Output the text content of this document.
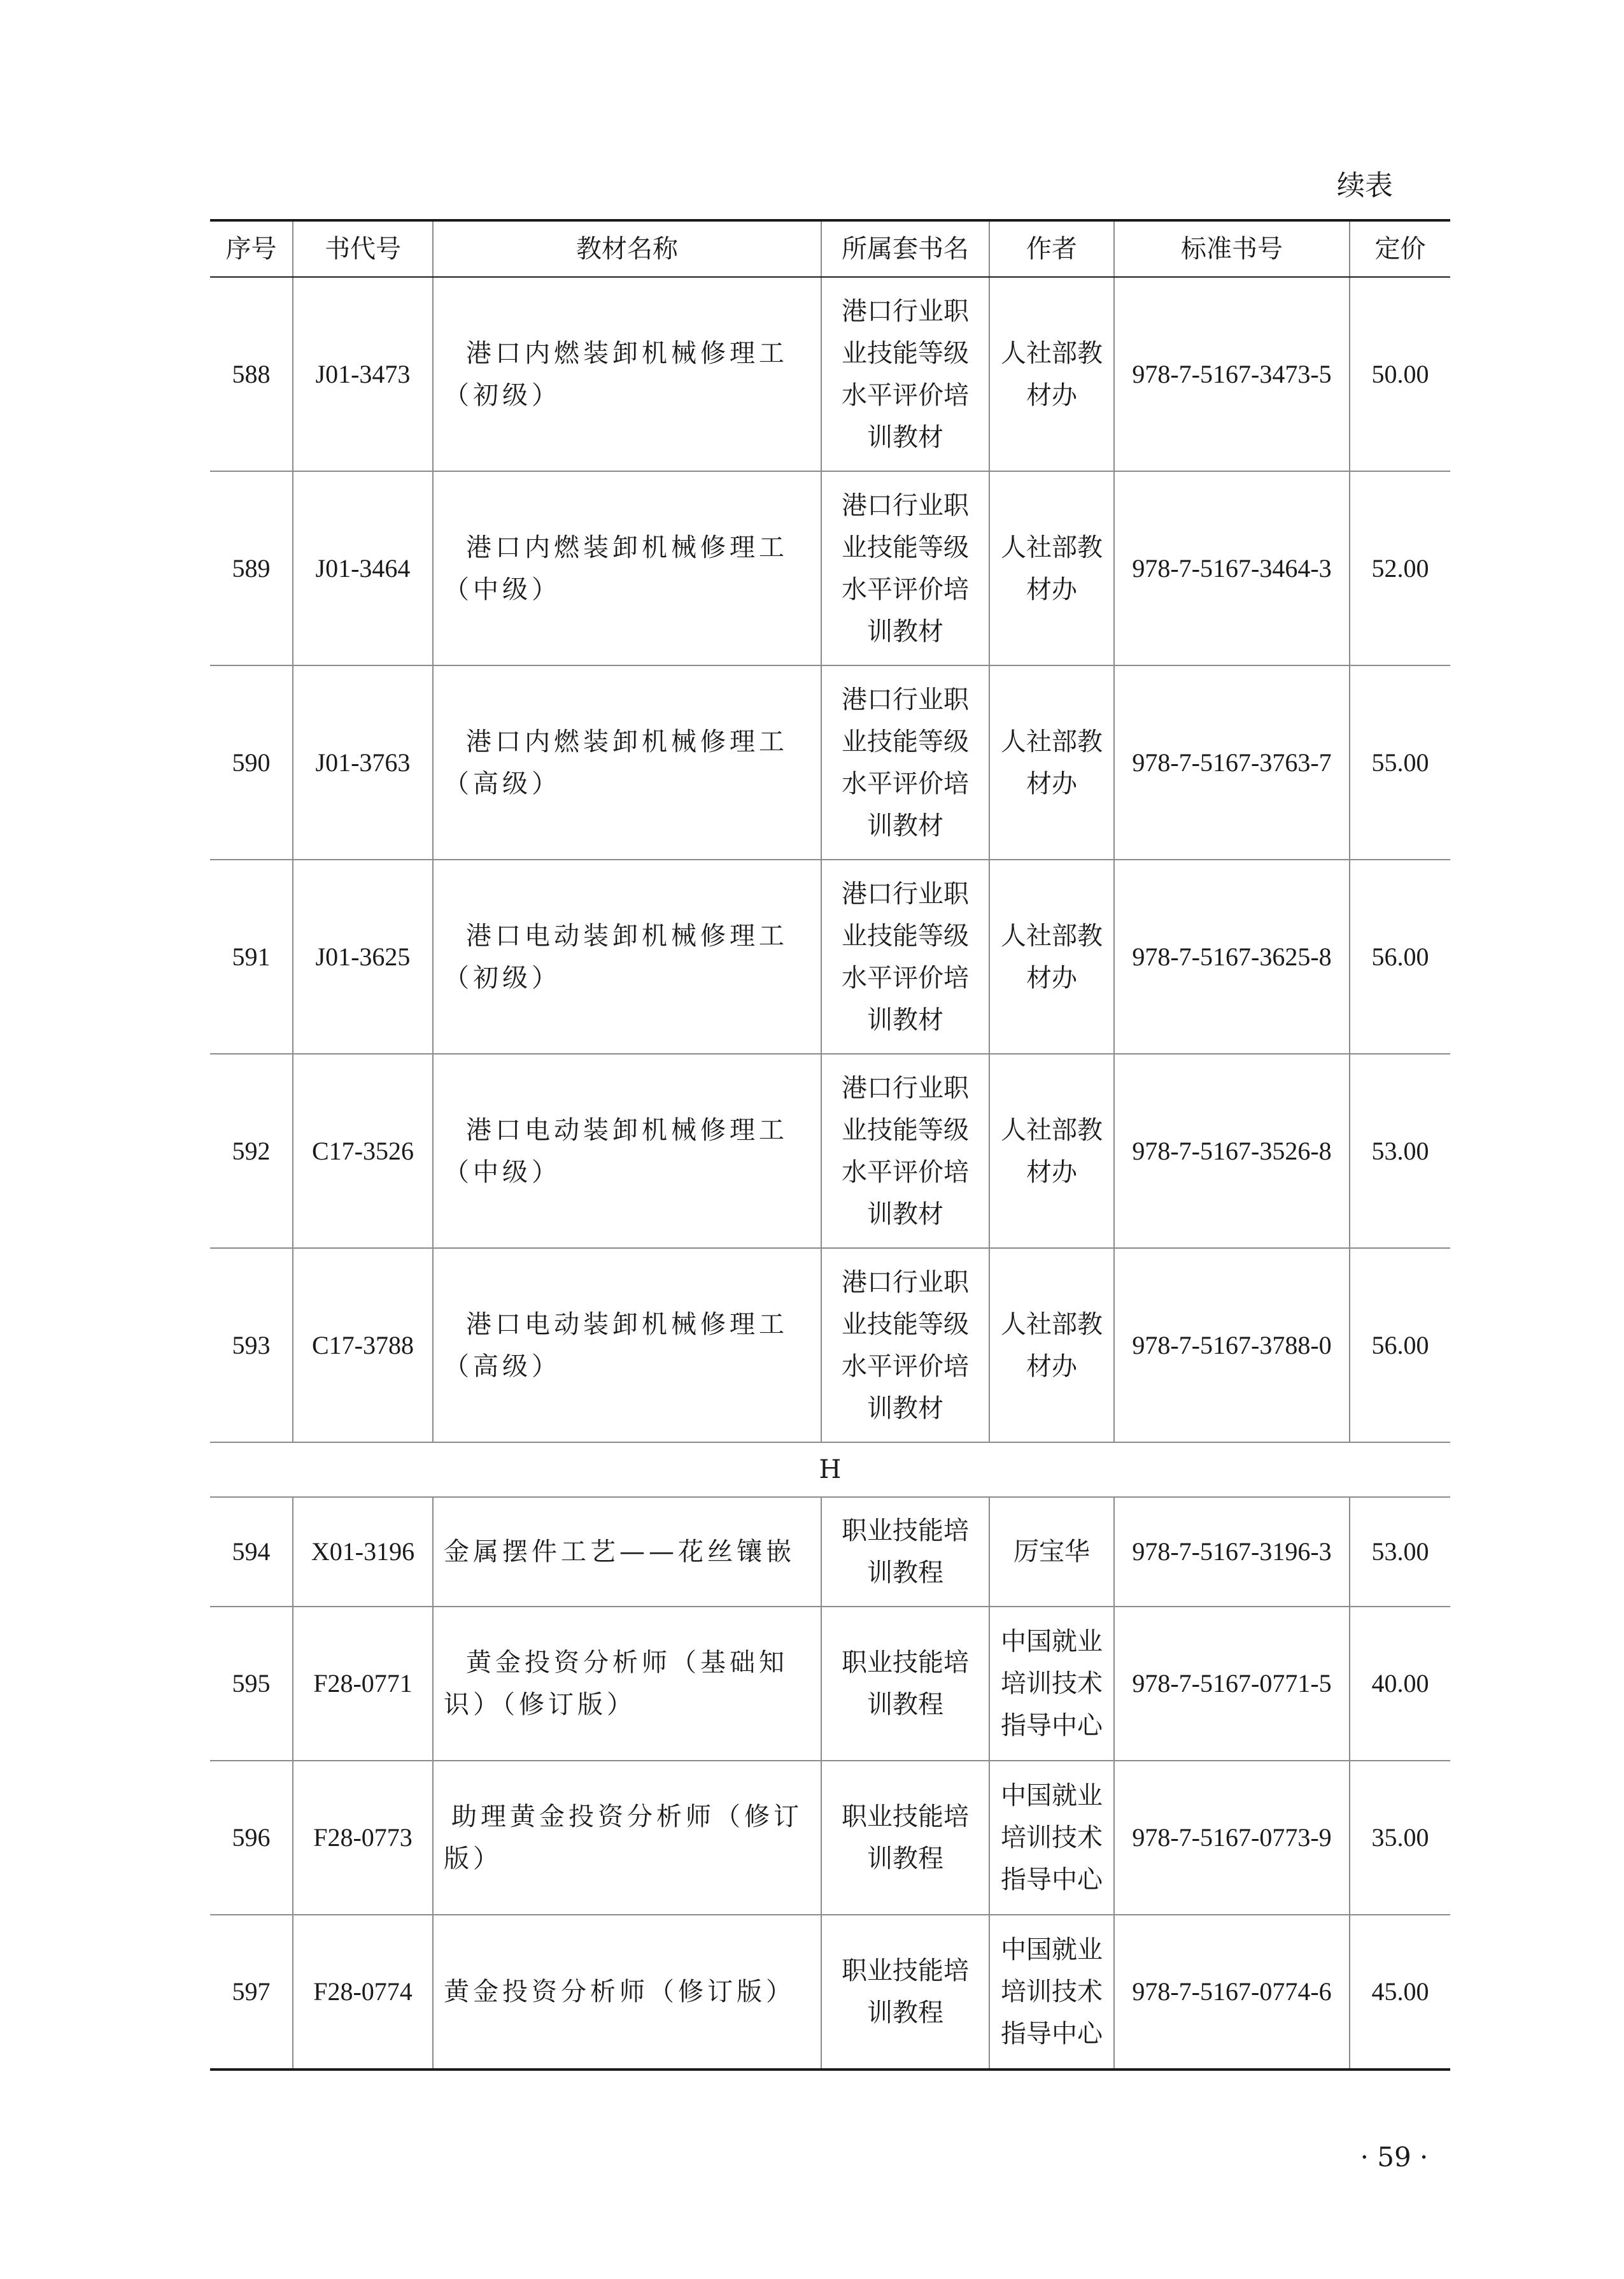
续表
序号	书代号	教材名称	所属套书名	作者	标准书号	定价
588	J01-3473	港口内燃装卸机械修理工（初级）	港口行业职业技能等级水平评价培训教材	人社部教材办	978-7-5167-3473-5	50.00
589	J01-3464	港口内燃装卸机械修理工（中级）	港口行业职业技能等级水平评价培训教材	人社部教材办	978-7-5167-3464-3	52.00
590	J01-3763	港口内燃装卸机械修理工（高级）	港口行业职业技能等级水平评价培训教材	人社部教材办	978-7-5167-3763-7	55.00
591	J01-3625	港口电动装卸机械修理工（初级）	港口行业职业技能等级水平评价培训教材	人社部教材办	978-7-5167-3625-8	56.00
592	C17-3526	港口电动装卸机械修理工（中级）	港口行业职业技能等级水平评价培训教材	人社部教材办	978-7-5167-3526-8	53.00
593	C17-3788	港口电动装卸机械修理工（高级）	港口行业职业技能等级水平评价培训教材	人社部教材办	978-7-5167-3788-0	56.00
H						
594	X01-3196	金属摆件工艺——花丝镶嵌	职业技能培训教程	厉宝华	978-7-5167-3196-3	53.00
595	F28-0771	黄金投资分析师（基础知识）（修订版）	职业技能培训教程	中国就业培训技术指导中心	978-7-5167-0771-5	40.00
596	F28-0773	助理黄金投资分析师（修订版）	职业技能培训教程	中国就业培训技术指导中心	978-7-5167-0773-9	35.00
597	F28-0774	黄金投资分析师（修订版）	职业技能培训教程	中国就业培训技术指导中心	978-7-5167-0774-6	45.00
· 59 ·
